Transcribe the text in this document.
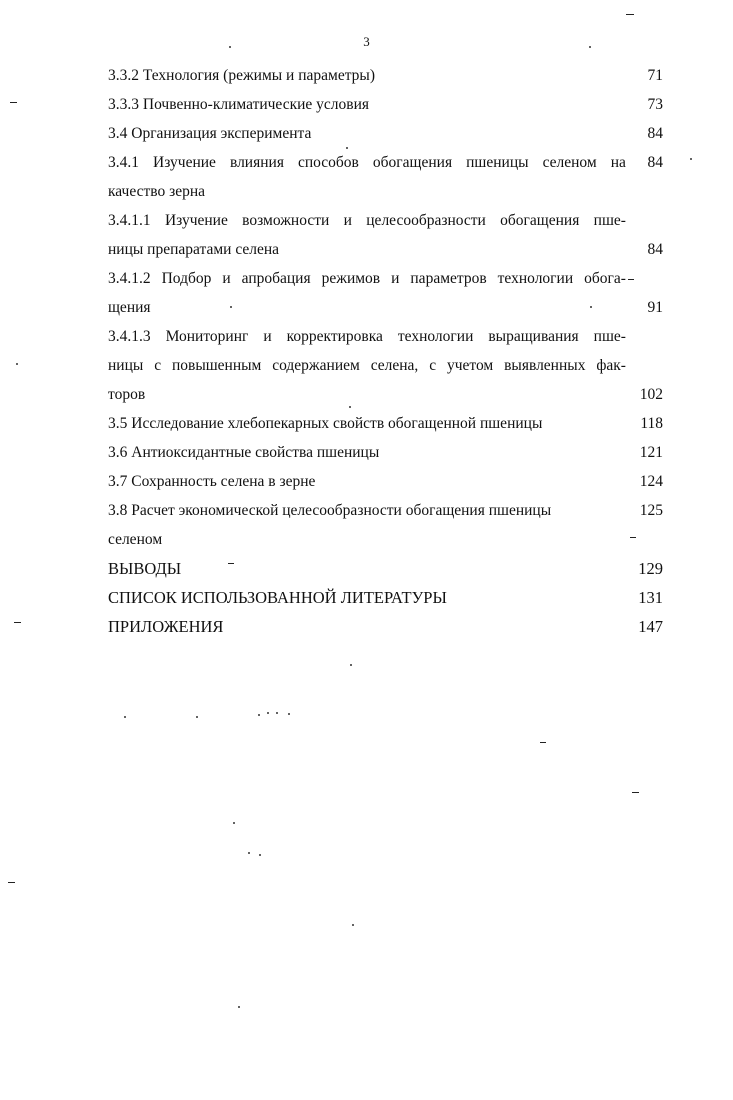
3
3.3.2 Технология (режимы и параметры)	71
3.3.3 Почвенно-климатические условия	73
3.4 Организация эксперимента	84
3.4.1 Изучение влияния способов обогащения пшеницы селеном на 84
качество зерна
3.4.1.1 Изучение возможности и целесообразности обогащения пше-
ницы препаратами селена	84
3.4.1.2 Подбор и апробация режимов и параметров технологии обога-
щения	91
3.4.1.3 Мониторинг и корректировка технологии выращивания пше-
ницы с повышенным содержанием селена, с учетом выявленных фак-
торов	102
3.5 Исследование хлебопекарных свойств обогащенной пшеницы	118
3.6 Антиоксидантные свойства пшеницы	121
3.7 Сохранность селена в зерне	124
3.8 Расчет экономической целесообразности обогащения пшеницы	125
селеном
ВЫВОДЫ	129
СПИСОК ИСПОЛЬЗОВАННОЙ ЛИТЕРАТУРЫ	131
ПРИЛОЖЕНИЯ	147
